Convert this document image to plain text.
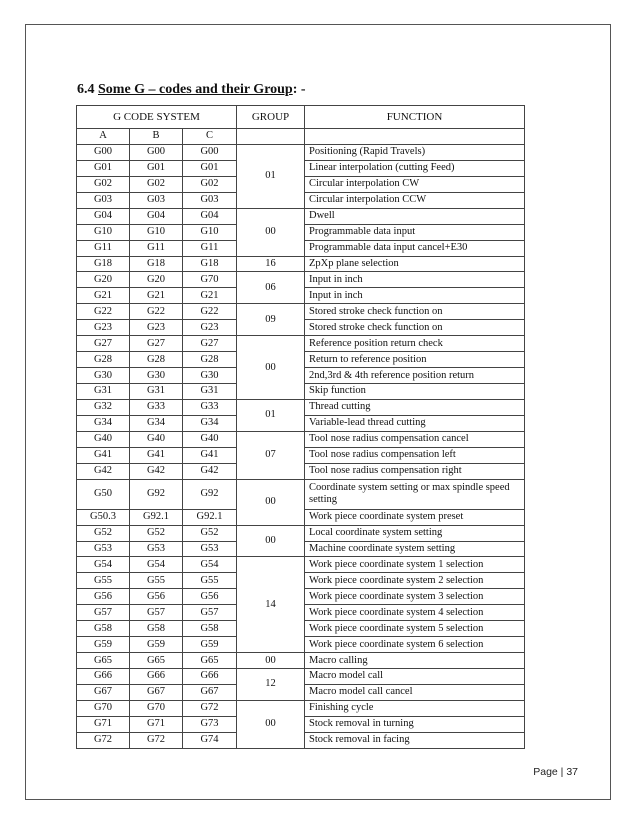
6.4 Some G – codes and their Group: -
G CODE SYSTEM			GROUP	FUNCTION
A	B	C		
G00	G00	G00	01	Positioning (Rapid Travels)
G01	G01	G01		Linear interpolation (cutting Feed)
G02	G02	G02		Circular interpolation CW
G03	G03	G03		Circular interpolation CCW
G04	G04	G04	00	Dwell
G10	G10	G10		Programmable data input
G11	G11	G11		Programmable data input cancel+E30
G18	G18	G18	16	ZpXp plane selection
G20	G20	G70	06	Input in inch
G21	G21	G21		Input in inch
G22	G22	G22	09	Stored stroke check function on
G23	G23	G23		Stored stroke check function on
G27	G27	G27	00	Reference position return check
G28	G28	G28		Return to reference position
G30	G30	G30		2nd,3rd & 4th reference position return
G31	G31	G31		Skip function
G32	G33	G33	01	Thread cutting
G34	G34	G34		Variable-lead thread cutting
G40	G40	G40	07	Tool nose radius compensation cancel
G41	G41	G41		Tool nose radius compensation left
G42	G42	G42		Tool nose radius compensation right
G50	G92	G92	00	Coordinate system setting or max spindle speed setting
G50.3	G92.1	G92.1		Work piece coordinate system preset
G52	G52	G52	00	Local coordinate system setting
G53	G53	G53		Machine coordinate system setting
G54	G54	G54	14	Work piece coordinate system 1 selection
G55	G55	G55		Work piece coordinate system 2 selection
G56	G56	G56		Work piece coordinate system 3 selection
G57	G57	G57		Work piece coordinate system 4 selection
G58	G58	G58		Work piece coordinate system 5 selection
G59	G59	G59		Work piece coordinate system 6 selection
G65	G65	G65	00	Macro calling
G66	G66	G66	12	Macro model call
G67	G67	G67		Macro model call cancel
G70	G70	G72	00	Finishing cycle
G71	G71	G73		Stock removal in turning
G72	G72	G74		Stock removal in facing
Page | 37
